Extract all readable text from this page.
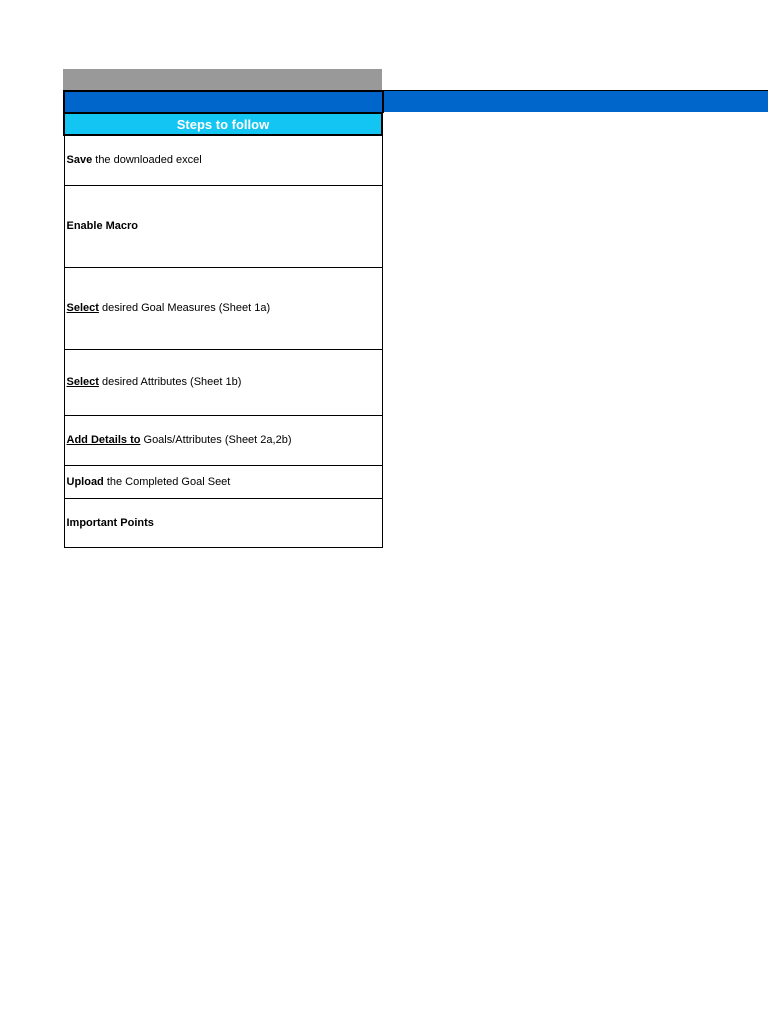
Steps to follow
Save the downloaded excel
Enable Macro
Select desired Goal Measures (Sheet 1a)
Select desired Attributes (Sheet 1b)
Add Details to Goals/Attributes (Sheet 2a,2b)
Upload the Completed Goal Seet
Important Points
